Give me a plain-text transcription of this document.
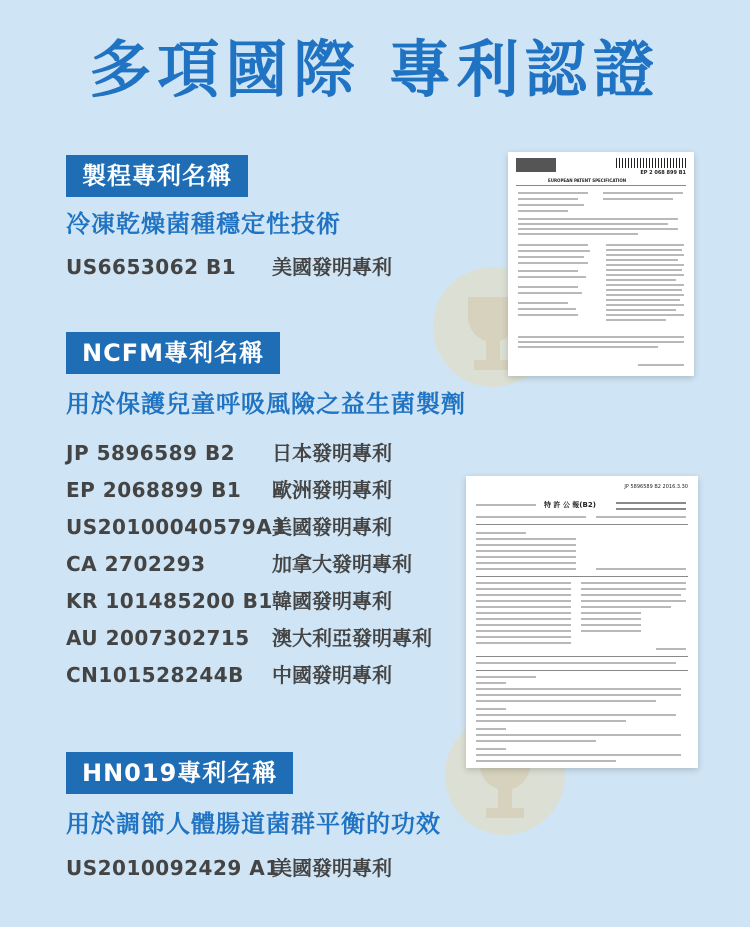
多項國際 專利認證
製程專利名稱
冷凍乾燥菌種穩定性技術
US6653062 B1 美國發明專利
NCFM專利名稱
用於保護兒童呼吸風險之益生菌製劑
JP 5896589 B2 日本發明專利
EP 2068899 B1 歐洲發明專利
US20100040579A1
美國發明專利
CA 2702293	加拿大發明專利
KR 101485200 B1 韓國發明專利
AU 2007302715 澳大利亞發明專利
CN101528244B 中國發明專利
HN019專利名稱
用於調節人體腸道菌群平衡的功效
US2010092429 A1
美國發明專利
EP 2 068 899 B1
EUROPEAN PATENT SPECIFICATION
JP 5896589 B2 2016.3.30
特 許 公 報(B2)
